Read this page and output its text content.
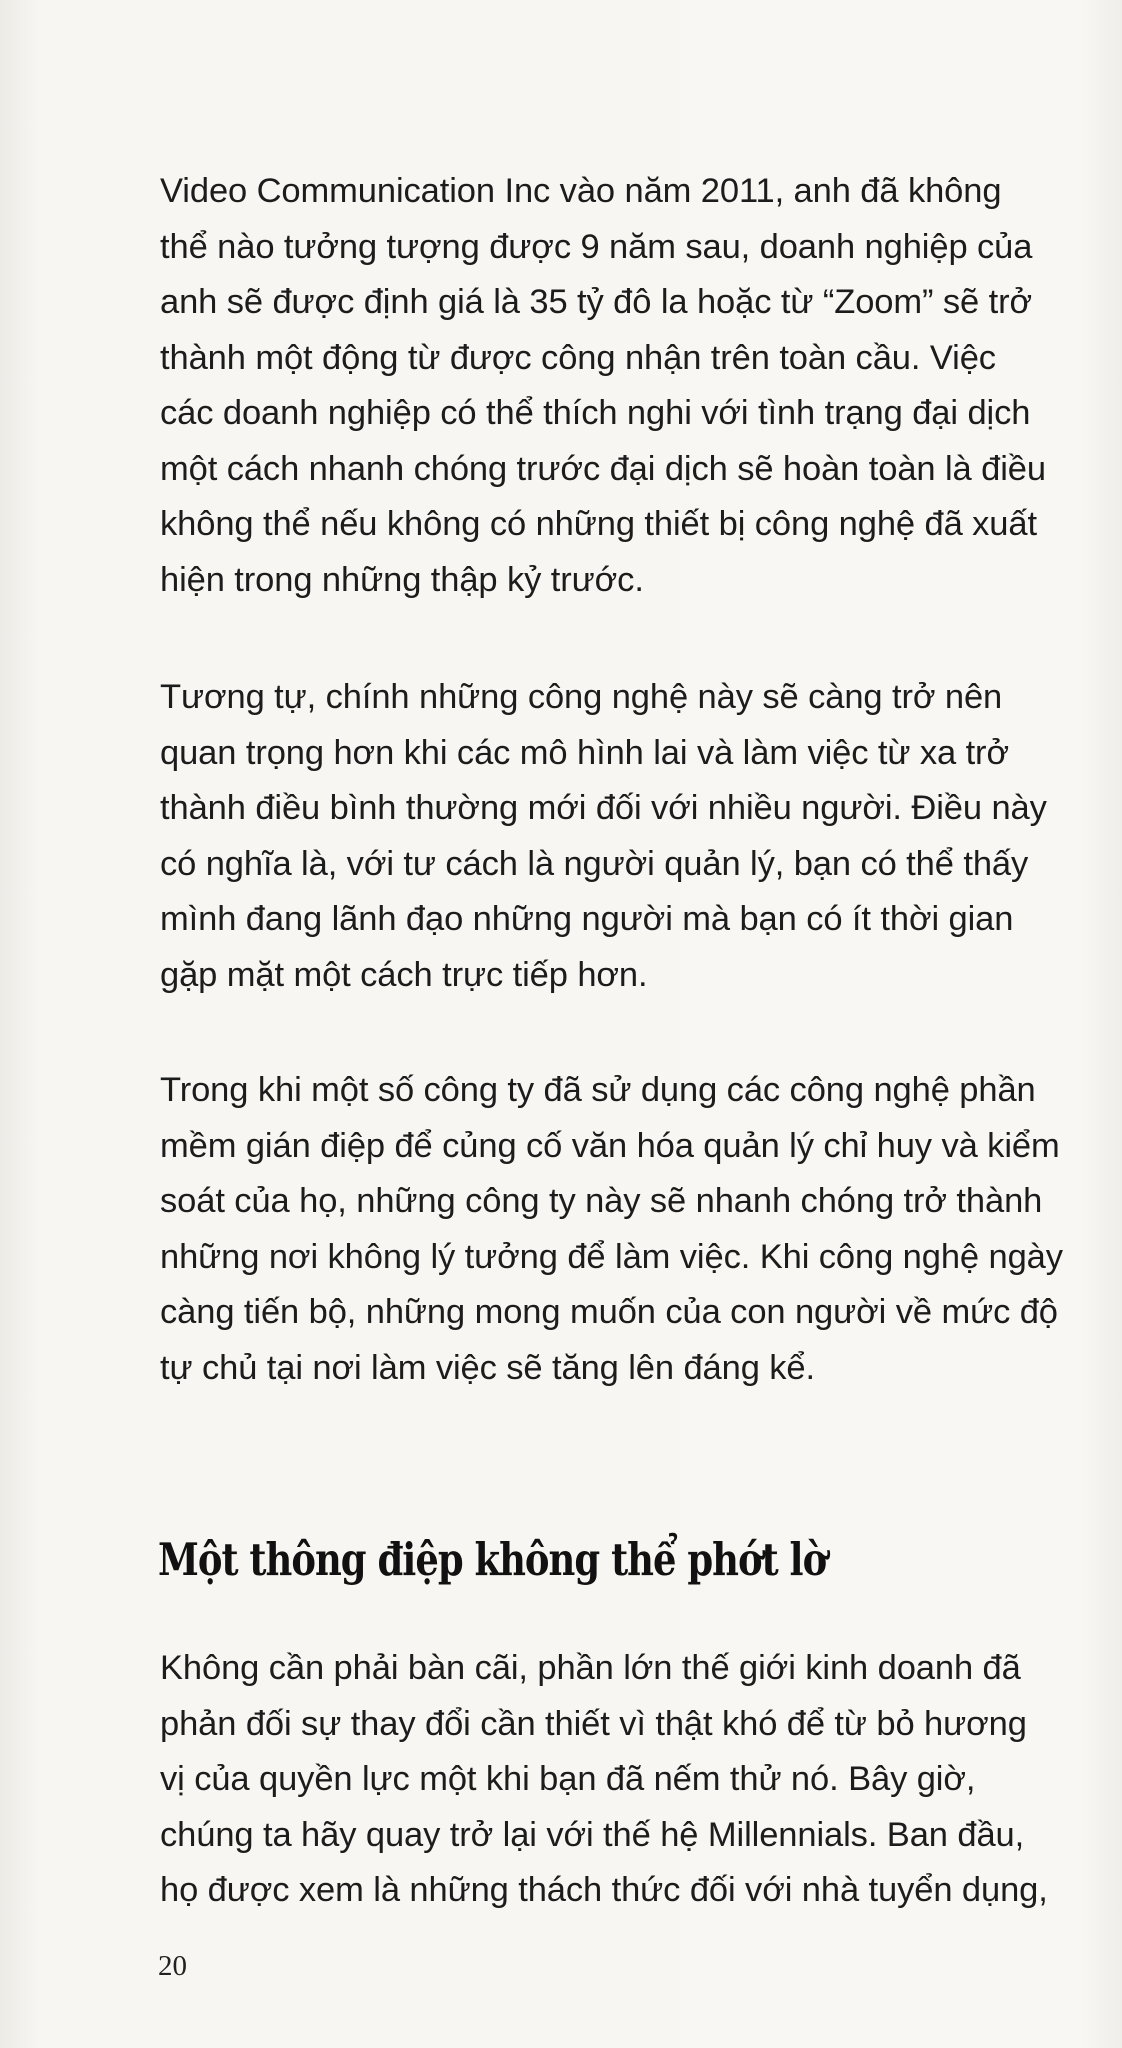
Video Communication Inc vào năm 2011, anh đã không
thể nào tưởng tượng được 9 năm sau, doanh nghiệp của
anh sẽ được định giá là 35 tỷ đô la hoặc từ “Zoom” sẽ trở
thành một động từ được công nhận trên toàn cầu. Việc
các doanh nghiệp có thể thích nghi với tình trạng đại dịch
một cách nhanh chóng trước đại dịch sẽ hoàn toàn là điều
không thể nếu không có những thiết bị công nghệ đã xuất
hiện trong những thập kỷ trước.

Tương tự, chính những công nghệ này sẽ càng trở nên
quan trọng hơn khi các mô hình lai và làm việc từ xa trở
thành điều bình thường mới đối với nhiều người. Điều này
có nghĩa là, với tư cách là người quản lý, bạn có thể thấy
mình đang lãnh đạo những người mà bạn có ít thời gian
gặp mặt một cách trực tiếp hơn.

Trong khi một số công ty đã sử dụng các công nghệ phần
mềm gián điệp để củng cố văn hóa quản lý chỉ huy và kiểm
soát của họ, những công ty này sẽ nhanh chóng trở thành
những nơi không lý tưởng để làm việc. Khi công nghệ ngày
càng tiến bộ, những mong muốn của con người về mức độ
tự chủ tại nơi làm việc sẽ tăng lên đáng kể.

Một thông điệp không thể phớt lờ

Không cần phải bàn cãi, phần lớn thế giới kinh doanh đã
phản đối sự thay đổi cần thiết vì thật khó để từ bỏ hương
vị của quyền lực một khi bạn đã nếm thử nó. Bây giờ,
chúng ta hãy quay trở lại với thế hệ Millennials. Ban đầu,
họ được xem là những thách thức đối với nhà tuyển dụng,

20
